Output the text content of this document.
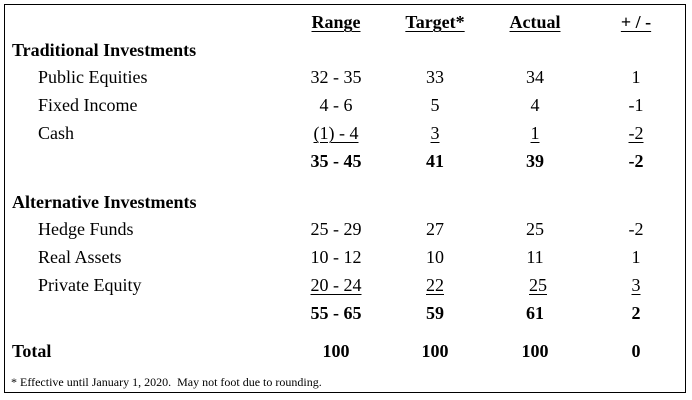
Range Target* Actual	+ / -
Traditional Investments
Public Equities	32 - 35	33	34	1
Fixed Income	4 - 6	5	4	-1
Cash	(1) - 4	3	1	-2
35 - 45	41	39	-2
Alternative Investments
Hedge Funds	25 - 29	27	25	-2
Real Assets	10 - 12	10	11	1
Private Equity	20 - 24	22	25	3
55 - 65	59	61	2
Total	100	100	100	0
* Effective until January 1, 2020.  May not foot due to rounding.
